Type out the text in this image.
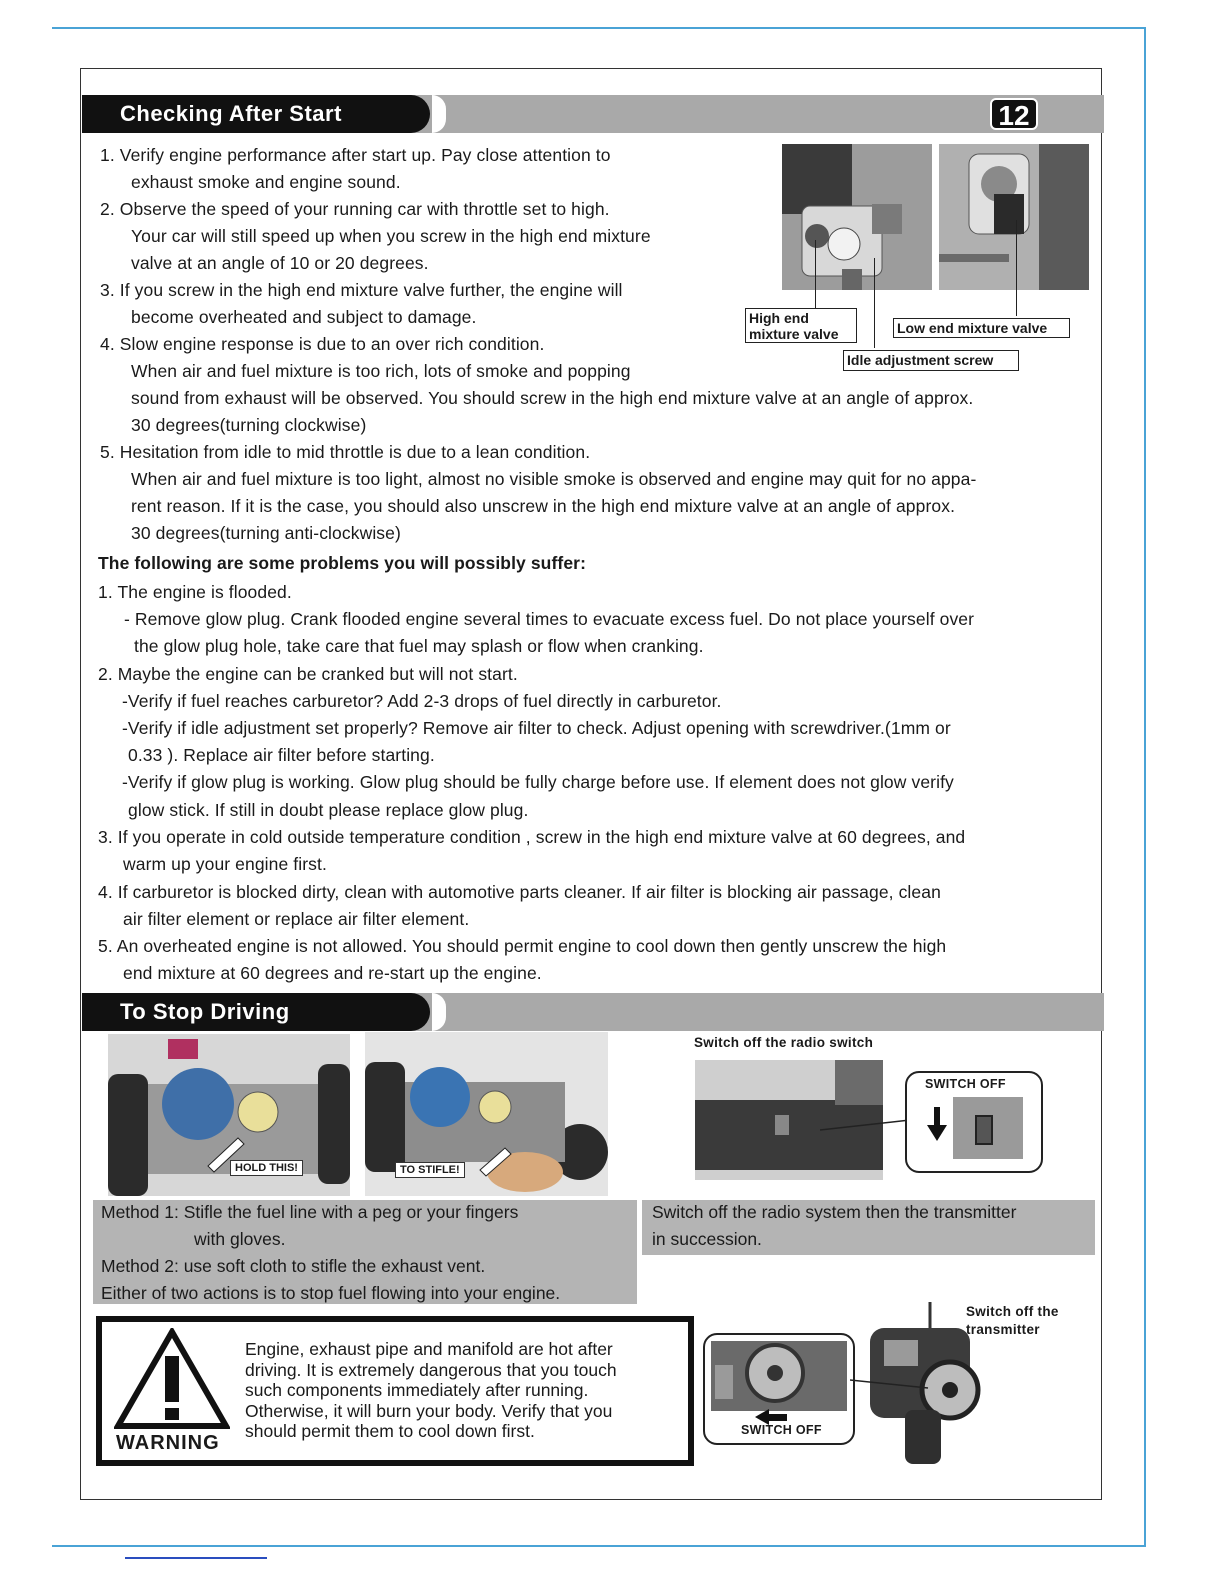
Checking After Start	12
High end
mixture valve	Low end mixture valve
Idle adjustment screw
1. Verify engine performance after start up. Pay close attention to
exhaust smoke and engine sound.
2. Observe the speed of your running car with throttle set to high.
Your car will still speed up when you screw in the high end mixture
valve at an angle of 10 or 20 degrees.
3. If you screw in the high end mixture valve further, the engine will
become overheated and subject to damage.
4. Slow engine response is due to an over rich condition.
When air and fuel mixture is too rich, lots of smoke and popping
sound from exhaust will be observed. You should screw in the high end mixture valve at an angle of approx.
30 degrees(turning clockwise)
5. Hesitation from idle to mid throttle is due to a lean condition.
When air and fuel mixture is too light, almost no visible smoke is observed and engine may quit for no appa-
rent reason. If it is the case, you should also unscrew in the high end mixture valve at an angle of approx.
30 degrees(turning anti-clockwise)
The following are some problems you will possibly suffer:
1. The engine is flooded.
- Remove glow plug. Crank flooded engine several times to evacuate excess fuel. Do not place yourself over
the glow plug hole, take care that fuel may splash or flow when cranking.
2. Maybe the engine can be cranked but will not start.
-Verify if fuel reaches carburetor? Add 2-3 drops of fuel directly in carburetor.
-Verify if idle adjustment set properly? Remove air filter to check. Adjust opening with screwdriver.(1mm or
0.33 ). Replace air filter before starting.
-Verify if glow plug is working. Glow plug should be fully charge before use. If element does not glow verify
glow stick. If still in doubt please replace glow plug.
3. If you operate in cold outside temperature condition , screw in the high end mixture valve at 60 degrees, and
warm up your engine first.
4. If carburetor is blocked dirty, clean with automotive parts cleaner. If air filter is blocking air passage, clean
air filter element or replace air filter element.
5. An overheated engine is not allowed. You should permit engine to cool down then gently unscrew the high
end mixture at 60 degrees and re-start up the engine.
To Stop Driving
HOLD THIS!	TO STIFLE!
Switch off the radio switch
SWITCH OFF
Method 1: Stifle the fuel line with a peg or your fingers
with gloves.
Method 2: use soft cloth to stifle the exhaust vent.
Either of two actions is to stop fuel flowing into your engine.
Switch off the radio system then the transmitter
in succession.
WARNING
Engine, exhaust pipe and manifold are hot after
driving. It is extremely dangerous that you touch
such components immediately after running.
Otherwise, it will burn your body. Verify that you
should permit them to cool down first.
Switch off the
transmitter
SWITCH OFF
